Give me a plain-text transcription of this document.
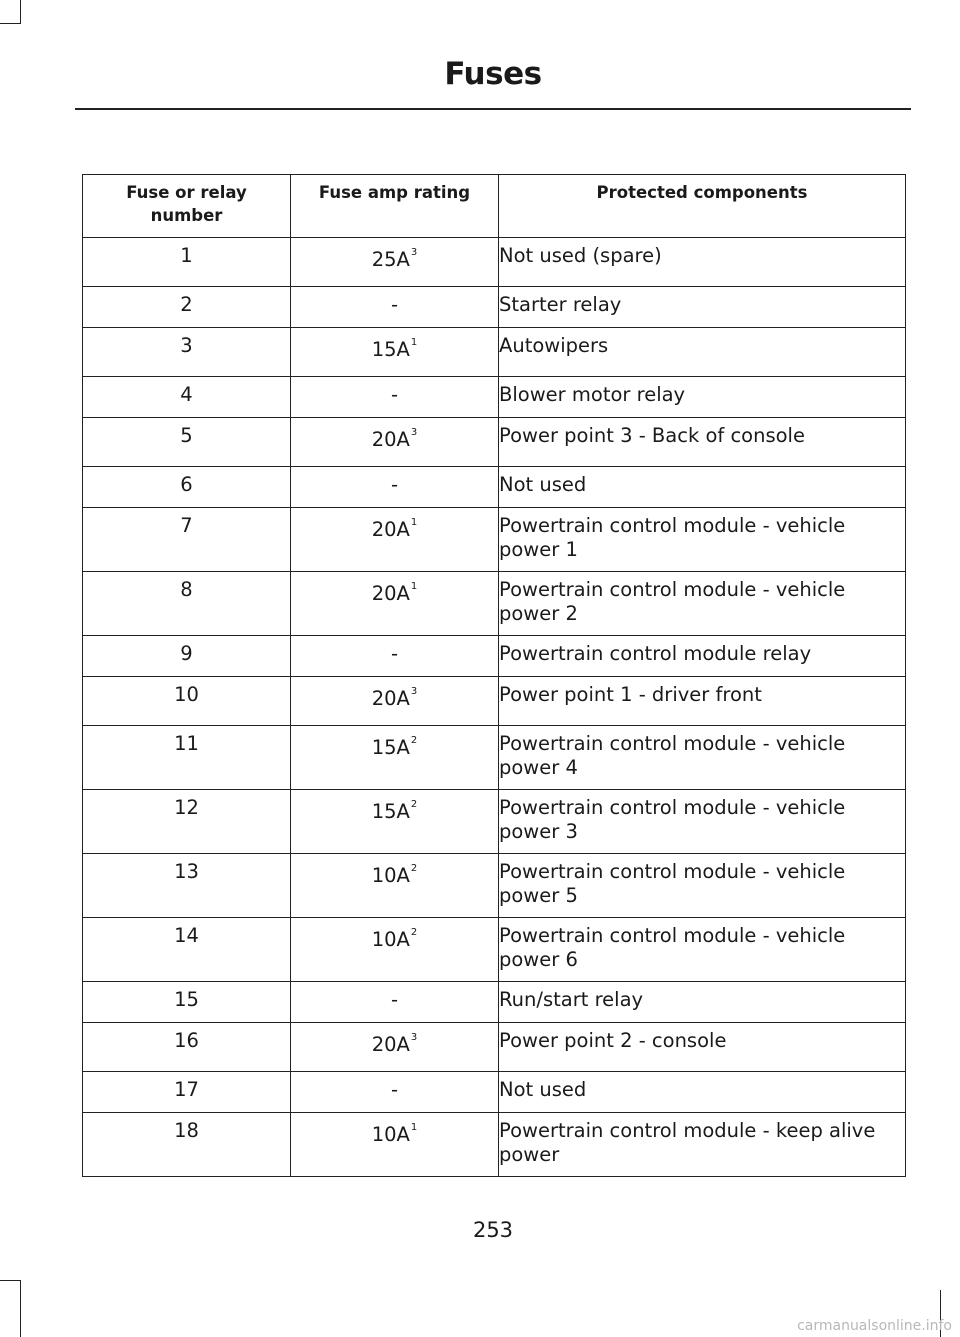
Fuses
Fuse or relay number	Fuse amp rating	Protected components
1	$25A^3$	Not used (spare)
2	-	Starter relay
3	$15A^1$	Autowipers
4	-	Blower motor relay
5	$20A^3$	Power point 3 - Back of console
6	-	Not used
7	$20A^1$	Powertrain control module - vehicle power 1
8	$20A^1$	Powertrain control module - vehicle power 2
9	-	Powertrain control module relay
10	$20A^3$	Power point 1 - driver front
11	$15A^2$	Powertrain control module - vehicle power 4
12	$15A^2$	Powertrain control module - vehicle power 3
13	$10A^2$	Powertrain control module - vehicle power 5
14	$10A^2$	Powertrain control module - vehicle power 6
15	-	Run/start relay
16	$20A^3$	Power point 2 - console
17	-	Not used
18	$10A^1$	Powertrain control module - keep alive power
253
carmanualsonline.info
